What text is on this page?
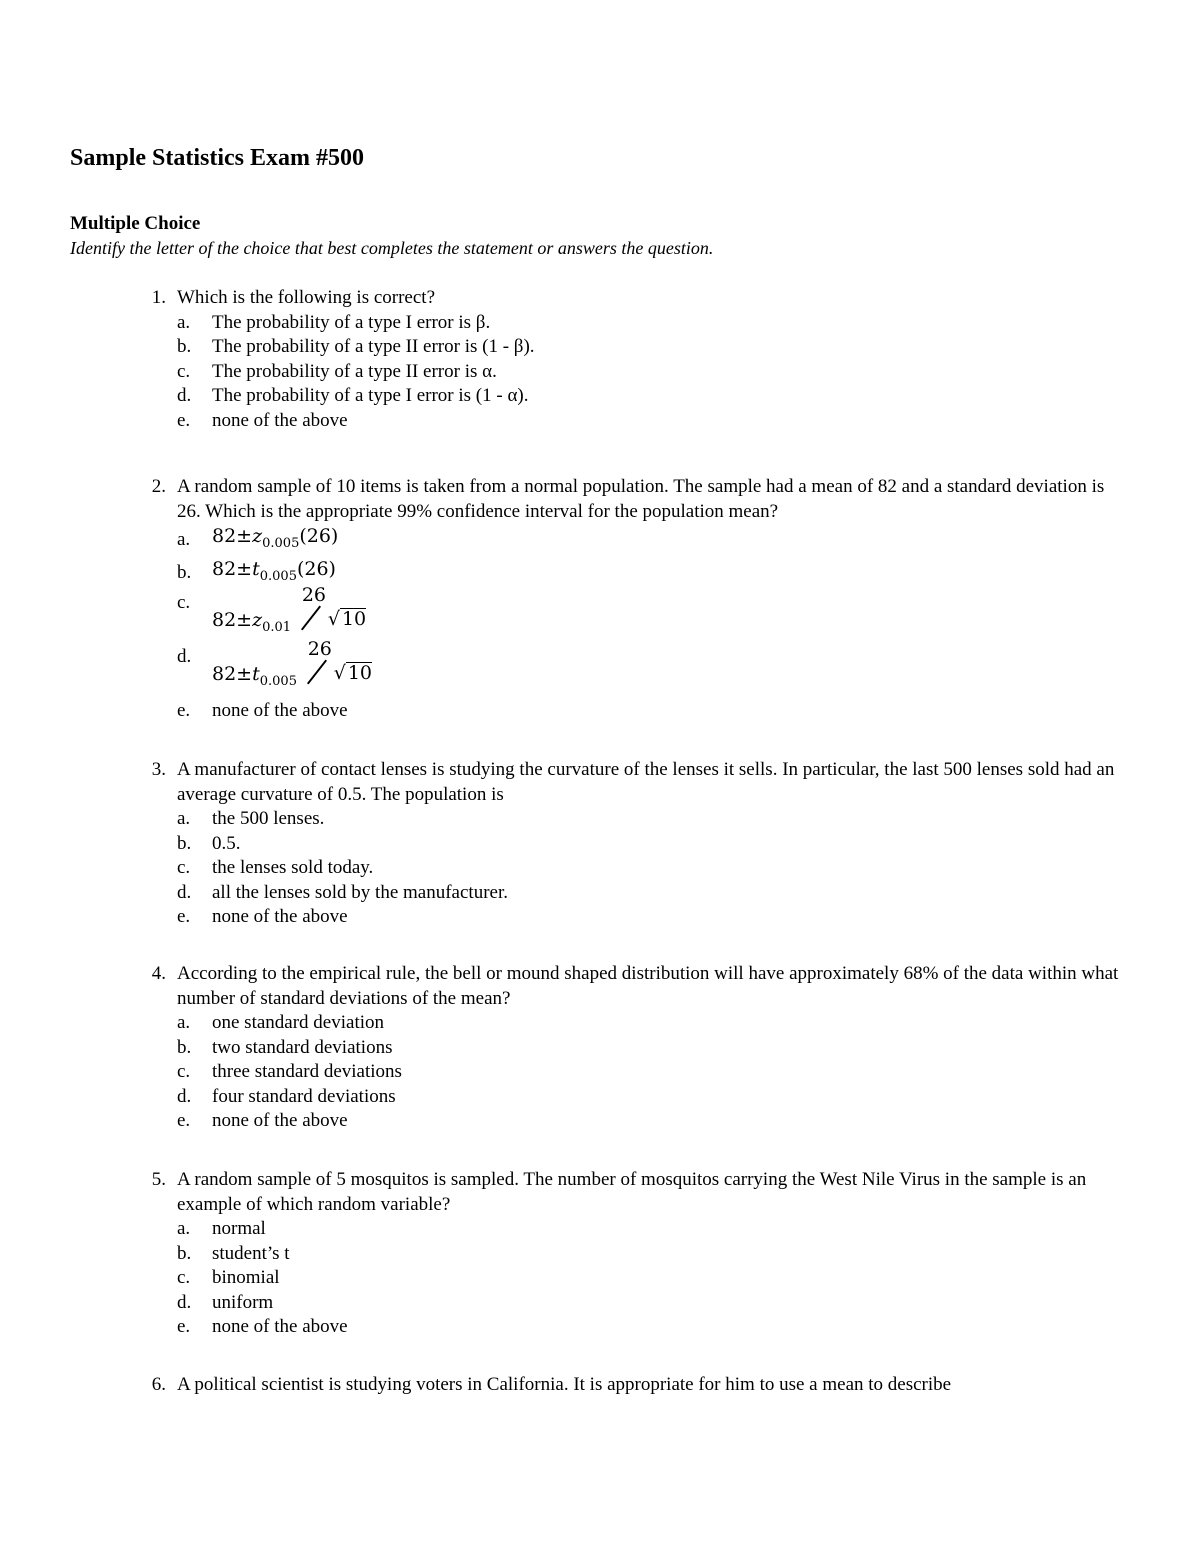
Sample Statistics Exam #500
Multiple Choice
Identify the letter of the choice that best completes the statement or answers the question.
1. Which is the following is correct?
a. The probability of a type I error is β.
b. The probability of a type II error is (1 - β).
c. The probability of a type II error is α.
d. The probability of a type I error is (1 - α).
e. none of the above
2. A random sample of 10 items is taken from a normal population. The sample had a mean of 82 and a standard deviation is 26. Which is the appropriate 99% confidence interval for the population mean?
a. $82\pm z_{0.005}(26)$
b. $82\pm t_{0.005}(26)$
c.
$82\pm z_{0.01}$
26
√ 10
d.
$82\pm t_{0.005}$
26
√ 10
e. none of the above
3. A manufacturer of contact lenses is studying the curvature of the lenses it sells. In particular, the last 500 lenses sold had an average curvature of 0.5. The population is
a. the 500 lenses.
b. 0.5.
c. the lenses sold today.
d. all the lenses sold by the manufacturer.
e. none of the above
4. According to the empirical rule, the bell or mound shaped distribution will have approximately 68% of the data within what number of standard deviations of the mean?
a. one standard deviation
b. two standard deviations
c. three standard deviations
d. four standard deviations
e. none of the above
5. A random sample of 5 mosquitos is sampled. The number of mosquitos carrying the West Nile Virus in the sample is an example of which random variable?
a. normal
b. student’s t
c. binomial
d. uniform
e. none of the above
6. A political scientist is studying voters in California. It is appropriate for him to use a mean to describe
